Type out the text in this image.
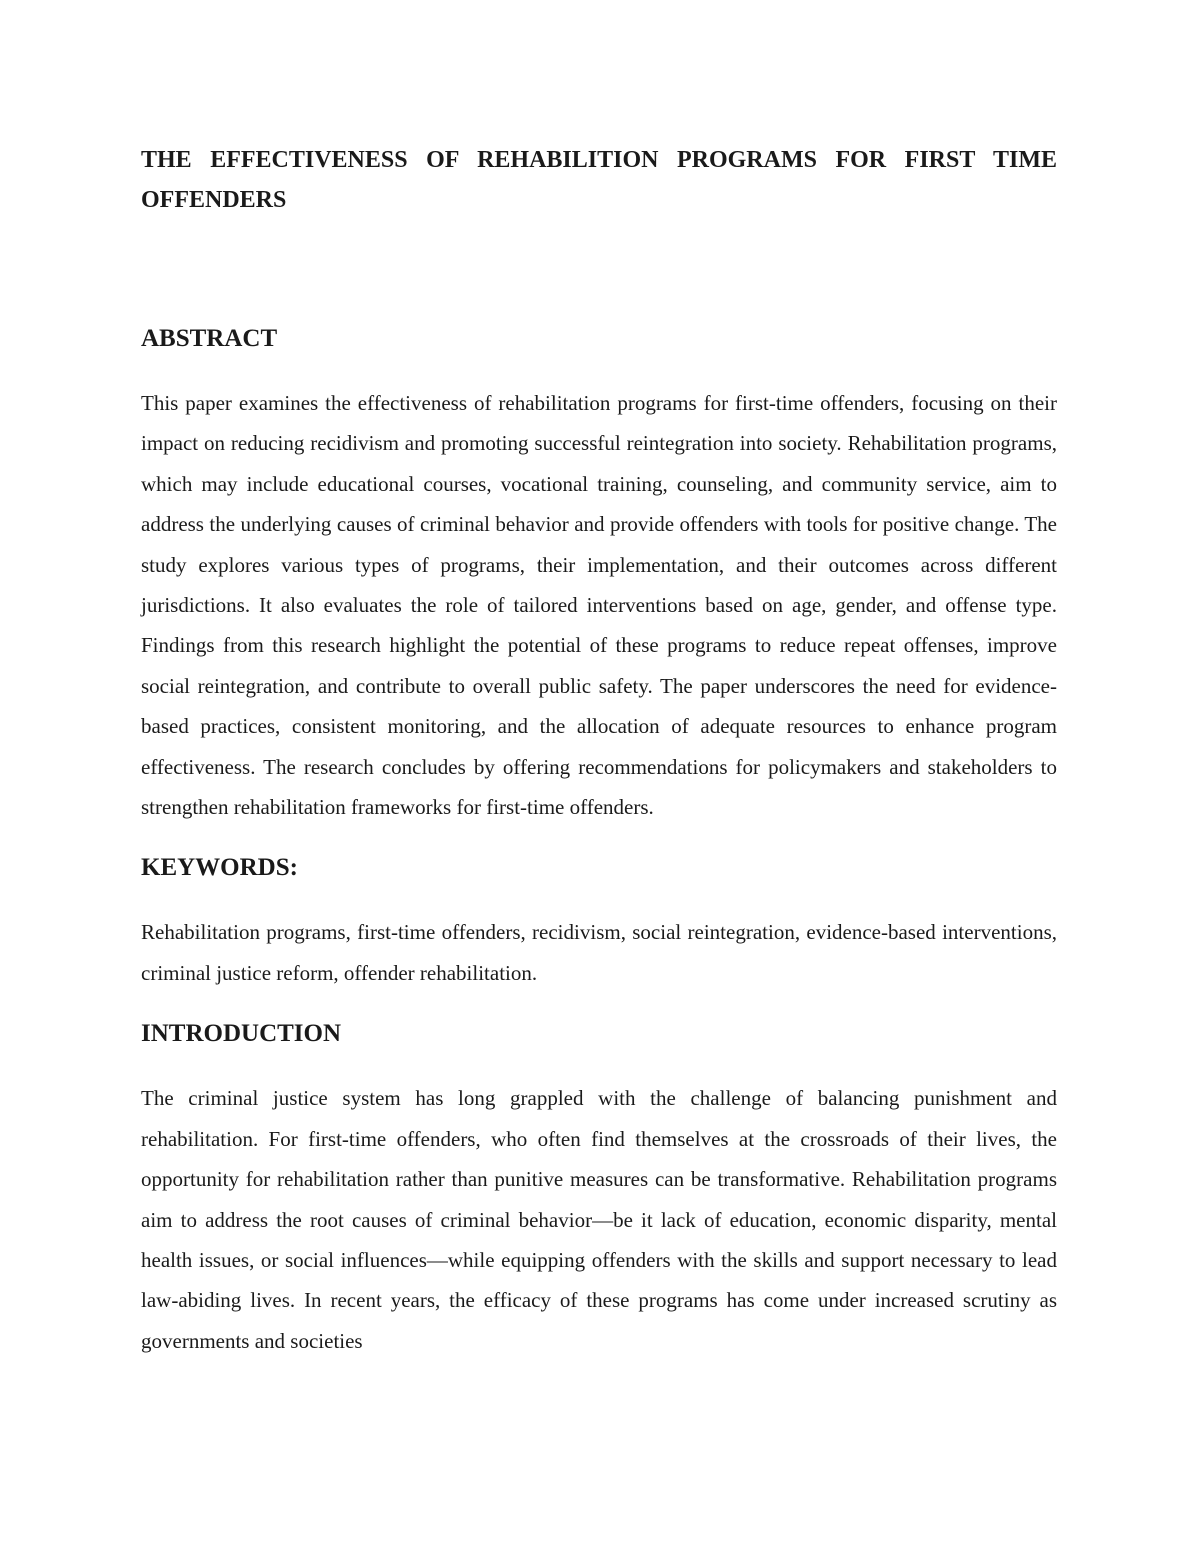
THE EFFECTIVENESS OF REHABILITION PROGRAMS FOR FIRST TIME OFFENDERS
ABSTRACT

This paper examines the effectiveness of rehabilitation programs for first-time offenders, focusing on their impact on reducing recidivism and promoting successful reintegration into society. Rehabilitation programs, which may include educational courses, vocational training, counseling, and community service, aim to address the underlying causes of criminal behavior and provide offenders with tools for positive change. The study explores various types of programs, their implementation, and their outcomes across different jurisdictions. It also evaluates the role of tailored interventions based on age, gender, and offense type. Findings from this research highlight the potential of these programs to reduce repeat offenses, improve social reintegration, and contribute to overall public safety. The paper underscores the need for evidence-based practices, consistent monitoring, and the allocation of adequate resources to enhance program effectiveness. The research concludes by offering recommendations for policymakers and stakeholders to strengthen rehabilitation frameworks for first-time offenders.

KEYWORDS:

Rehabilitation programs, first-time offenders, recidivism, social reintegration, evidence-based interventions, criminal justice reform, offender rehabilitation.

INTRODUCTION

The criminal justice system has long grappled with the challenge of balancing punishment and rehabilitation. For first-time offenders, who often find themselves at the crossroads of their lives, the opportunity for rehabilitation rather than punitive measures can be transformative. Rehabilitation programs aim to address the root causes of criminal behavior—be it lack of education, economic disparity, mental health issues, or social influences—while equipping offenders with the skills and support necessary to lead law-abiding lives. In recent years, the efficacy of these programs has come under increased scrutiny as governments and societies
